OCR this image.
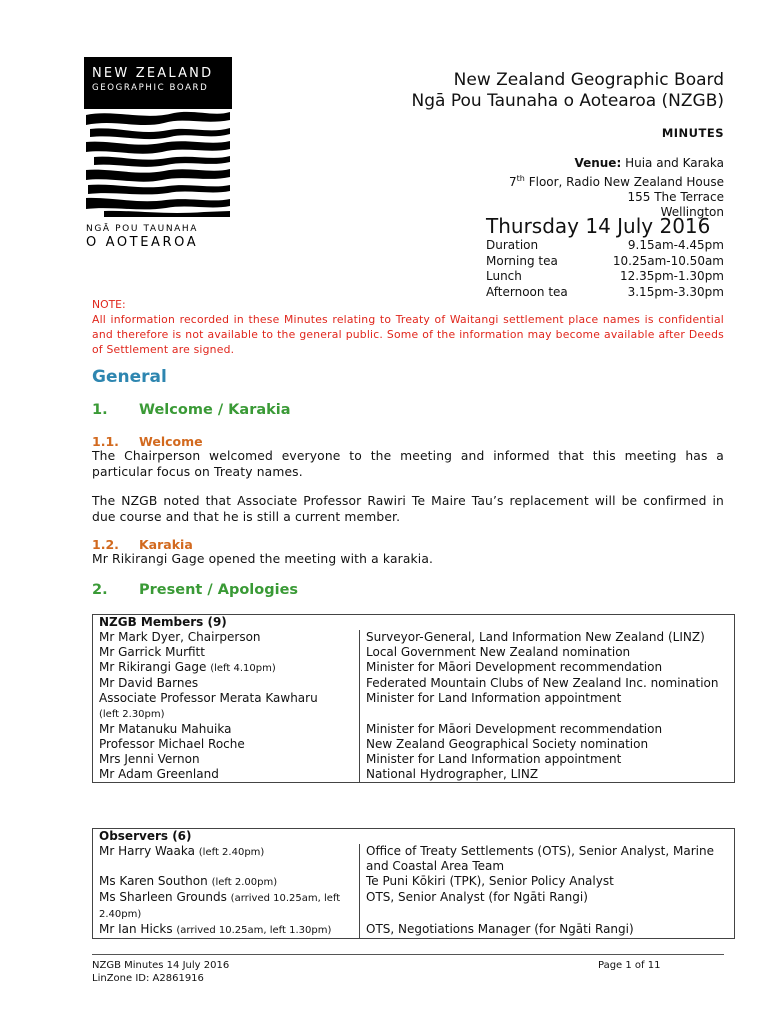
NEW ZEALAND
GEOGRAPHIC BOARD
NGĀ POU TAUNAHA
O AOTEAROA
New Zealand Geographic Board
Ngā Pou Taunaha o Aotearoa (NZGB)
MINUTES
Venue: Huia and Karaka
7th Floor, Radio New Zealand House
155 The Terrace
Wellington
Thursday 14 July 2016
Duration	9.15am-4.45pm
Morning tea	10.25am-10.50am
Lunch	12.35pm-1.30pm
Afternoon tea	3.15pm-3.30pm
NOTE:
All information recorded in these Minutes relating to Treaty of Waitangi settlement place names is confidential and therefore is not available to the general public. Some of the information may become available after Deeds of Settlement are signed.
General
1. Welcome / Karakia
1.1. Welcome
The Chairperson welcomed everyone to the meeting and informed that this meeting has a particular focus on Treaty names.
The NZGB noted that Associate Professor Rawiri Te Maire Tau’s replacement will be confirmed in due course and that he is still a current member.
1.2. Karakia
Mr Rikirangi Gage opened the meeting with a karakia.
2. Present / Apologies
NZGB Members (9)	
Mr Mark Dyer, Chairperson	Surveyor-General, Land Information New Zealand (LINZ)
Mr Garrick Murfitt	Local Government New Zealand nomination
Mr Rikirangi Gage (left 4.10pm)	Minister for Māori Development recommendation
Mr David Barnes	Federated Mountain Clubs of New Zealand Inc. nomination
Associate Professor Merata Kawharu
(left 2.30pm)	Minister for Land Information appointment
Mr Matanuku Mahuika	Minister for Māori Development recommendation
Professor Michael Roche	New Zealand Geographical Society nomination
Mrs Jenni Vernon	Minister for Land Information appointment
Mr Adam Greenland	National Hydrographer, LINZ
Observers (6)	
Mr Harry Waaka (left 2.40pm)	Office of Treaty Settlements (OTS), Senior Analyst, Marine and Coastal Area Team
Ms Karen Southon (left 2.00pm)	Te Puni Kōkiri (TPK), Senior Policy Analyst
Ms Sharleen Grounds (arrived 10.25am, left 2.40pm)	OTS, Senior Analyst (for Ngāti Rangi)
Mr Ian Hicks (arrived 10.25am, left 1.30pm)	OTS, Negotiations Manager (for Ngāti Rangi)
NZGB Minutes 14 July 2016
LinZone ID: A2861916
Page 1 of 11
